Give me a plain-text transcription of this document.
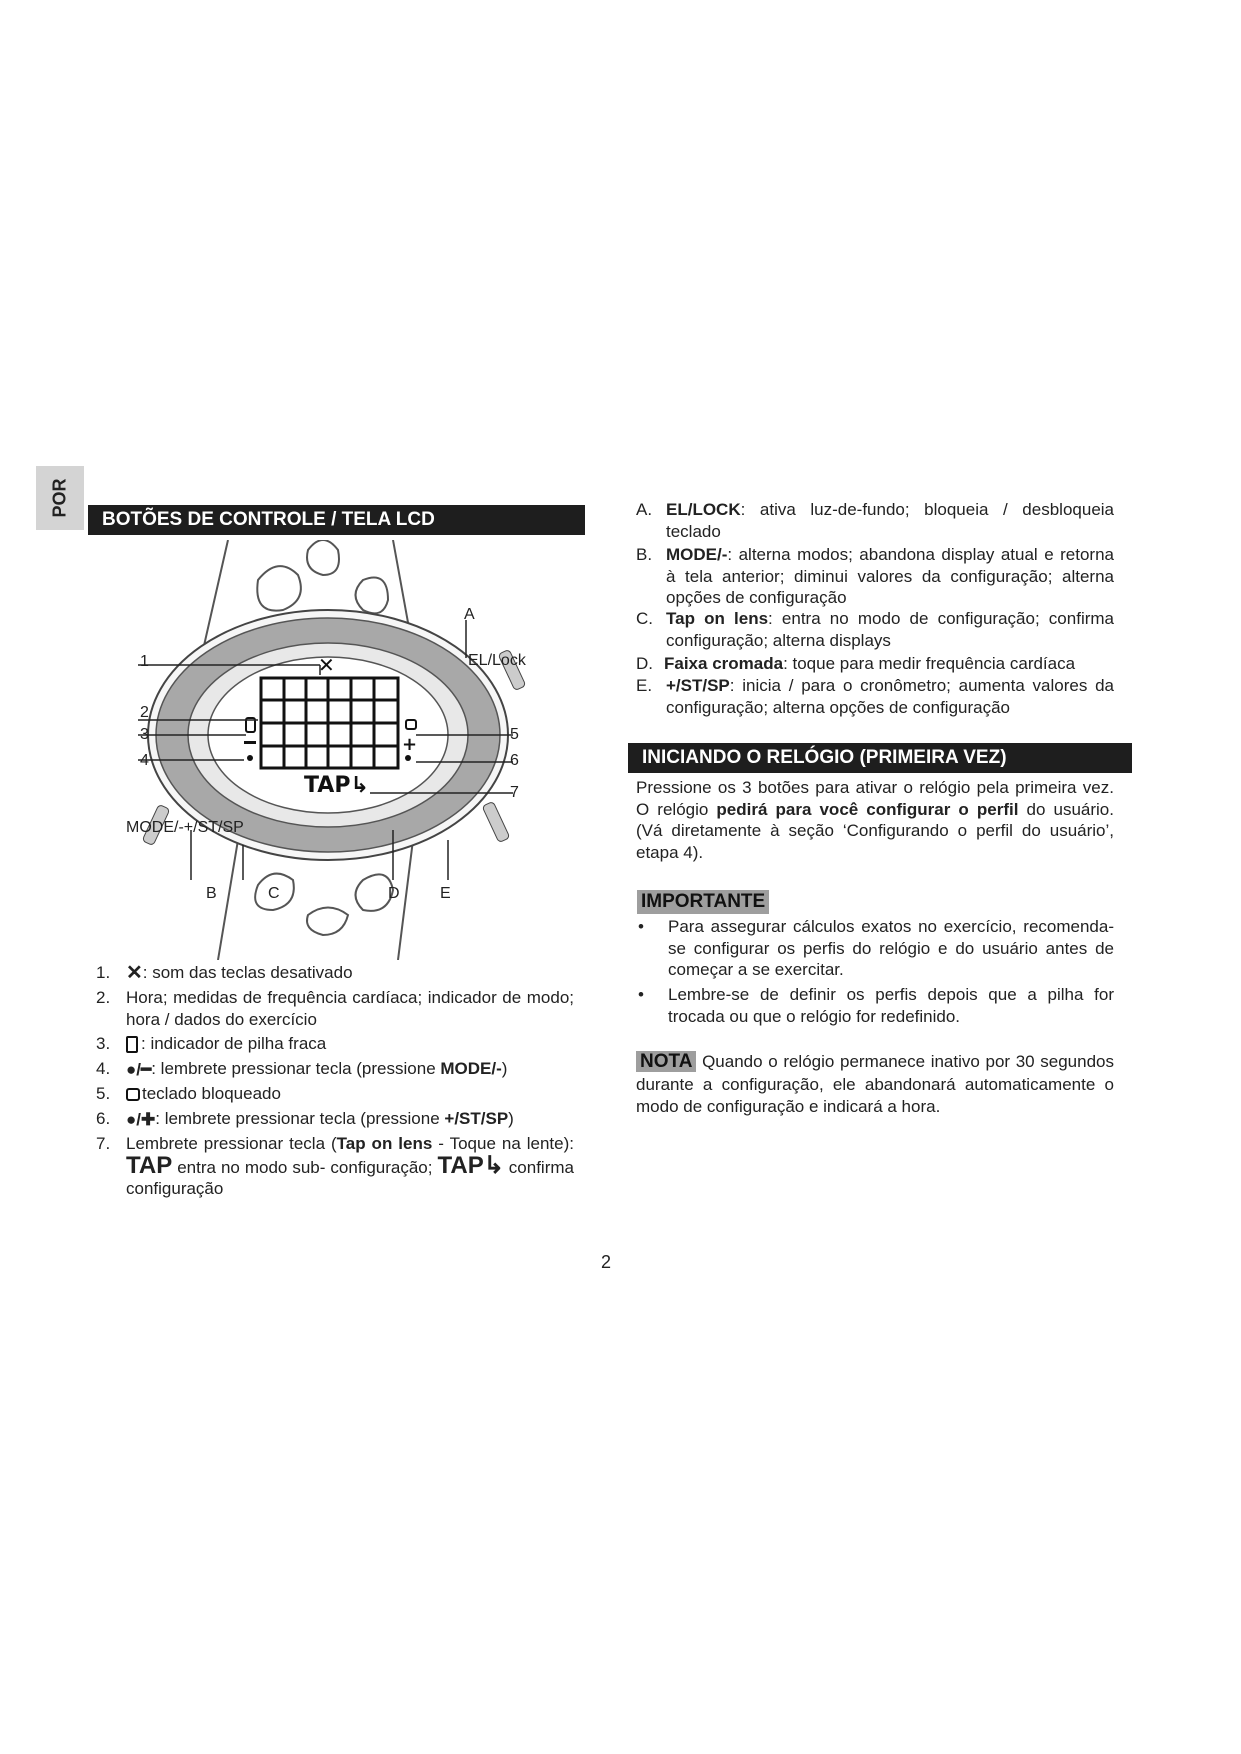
POR
BOTÕES DE CONTROLE / TELA LCD
✕
+
TAP↳
A
EL/Lock
1
2
3
4
5
6
7
MODE/-+/ST/SP
B	C	D	E
1. ✕: som das teclas desativado
2. Hora; medidas de frequência cardíaca; indicador de modo; hora / dados do exercício
3.	: indicador de pilha fraca
4. ●/━: lembrete pressionar tecla (pressione MODE/-)
5.	teclado bloqueado
6. ●/✚: lembrete pressionar tecla (pressione +/ST/SP)
7. Lembrete pressionar tecla (Tap on lens - Toque na lente): TAP entra no modo sub- configuração; TAP↳ confirma configuração
A. EL/LOCK: ativa luz-de-fundo; bloqueia / desbloqueia teclado
B. MODE/-: alterna modos; abandona display atual e retorna à tela anterior; diminui valores da configuração; alterna opções de configuração
C. Tap on lens: entra no modo de configuração; confirma configuração; alterna displays
D. Faixa cromada: toque para medir frequência cardíaca
E. +/ST/SP: inicia / para o cronômetro; aumenta valores da configuração; alterna opções de configuração
INICIANDO O RELÓGIO (PRIMEIRA VEZ)
Pressione os 3 botões para ativar o relógio pela primeira vez. O relógio pedirá para você configurar o perfil do usuário. (Vá diretamente à seção ‘Configurando o perfil do usuário’, etapa 4).
IMPORTANTE
• Para assegurar cálculos exatos no exercício, recomenda-se configurar os perfis do relógio e do usuário antes de começar a se exercitar.
• Lembre-se de definir os perfis depois que a pilha for trocada ou que o relógio for redefinido.
NOTA Quando o relógio permanece inativo por 30 segundos durante a configuração, ele abandonará automaticamente o modo de configuração e indicará a hora.
2
